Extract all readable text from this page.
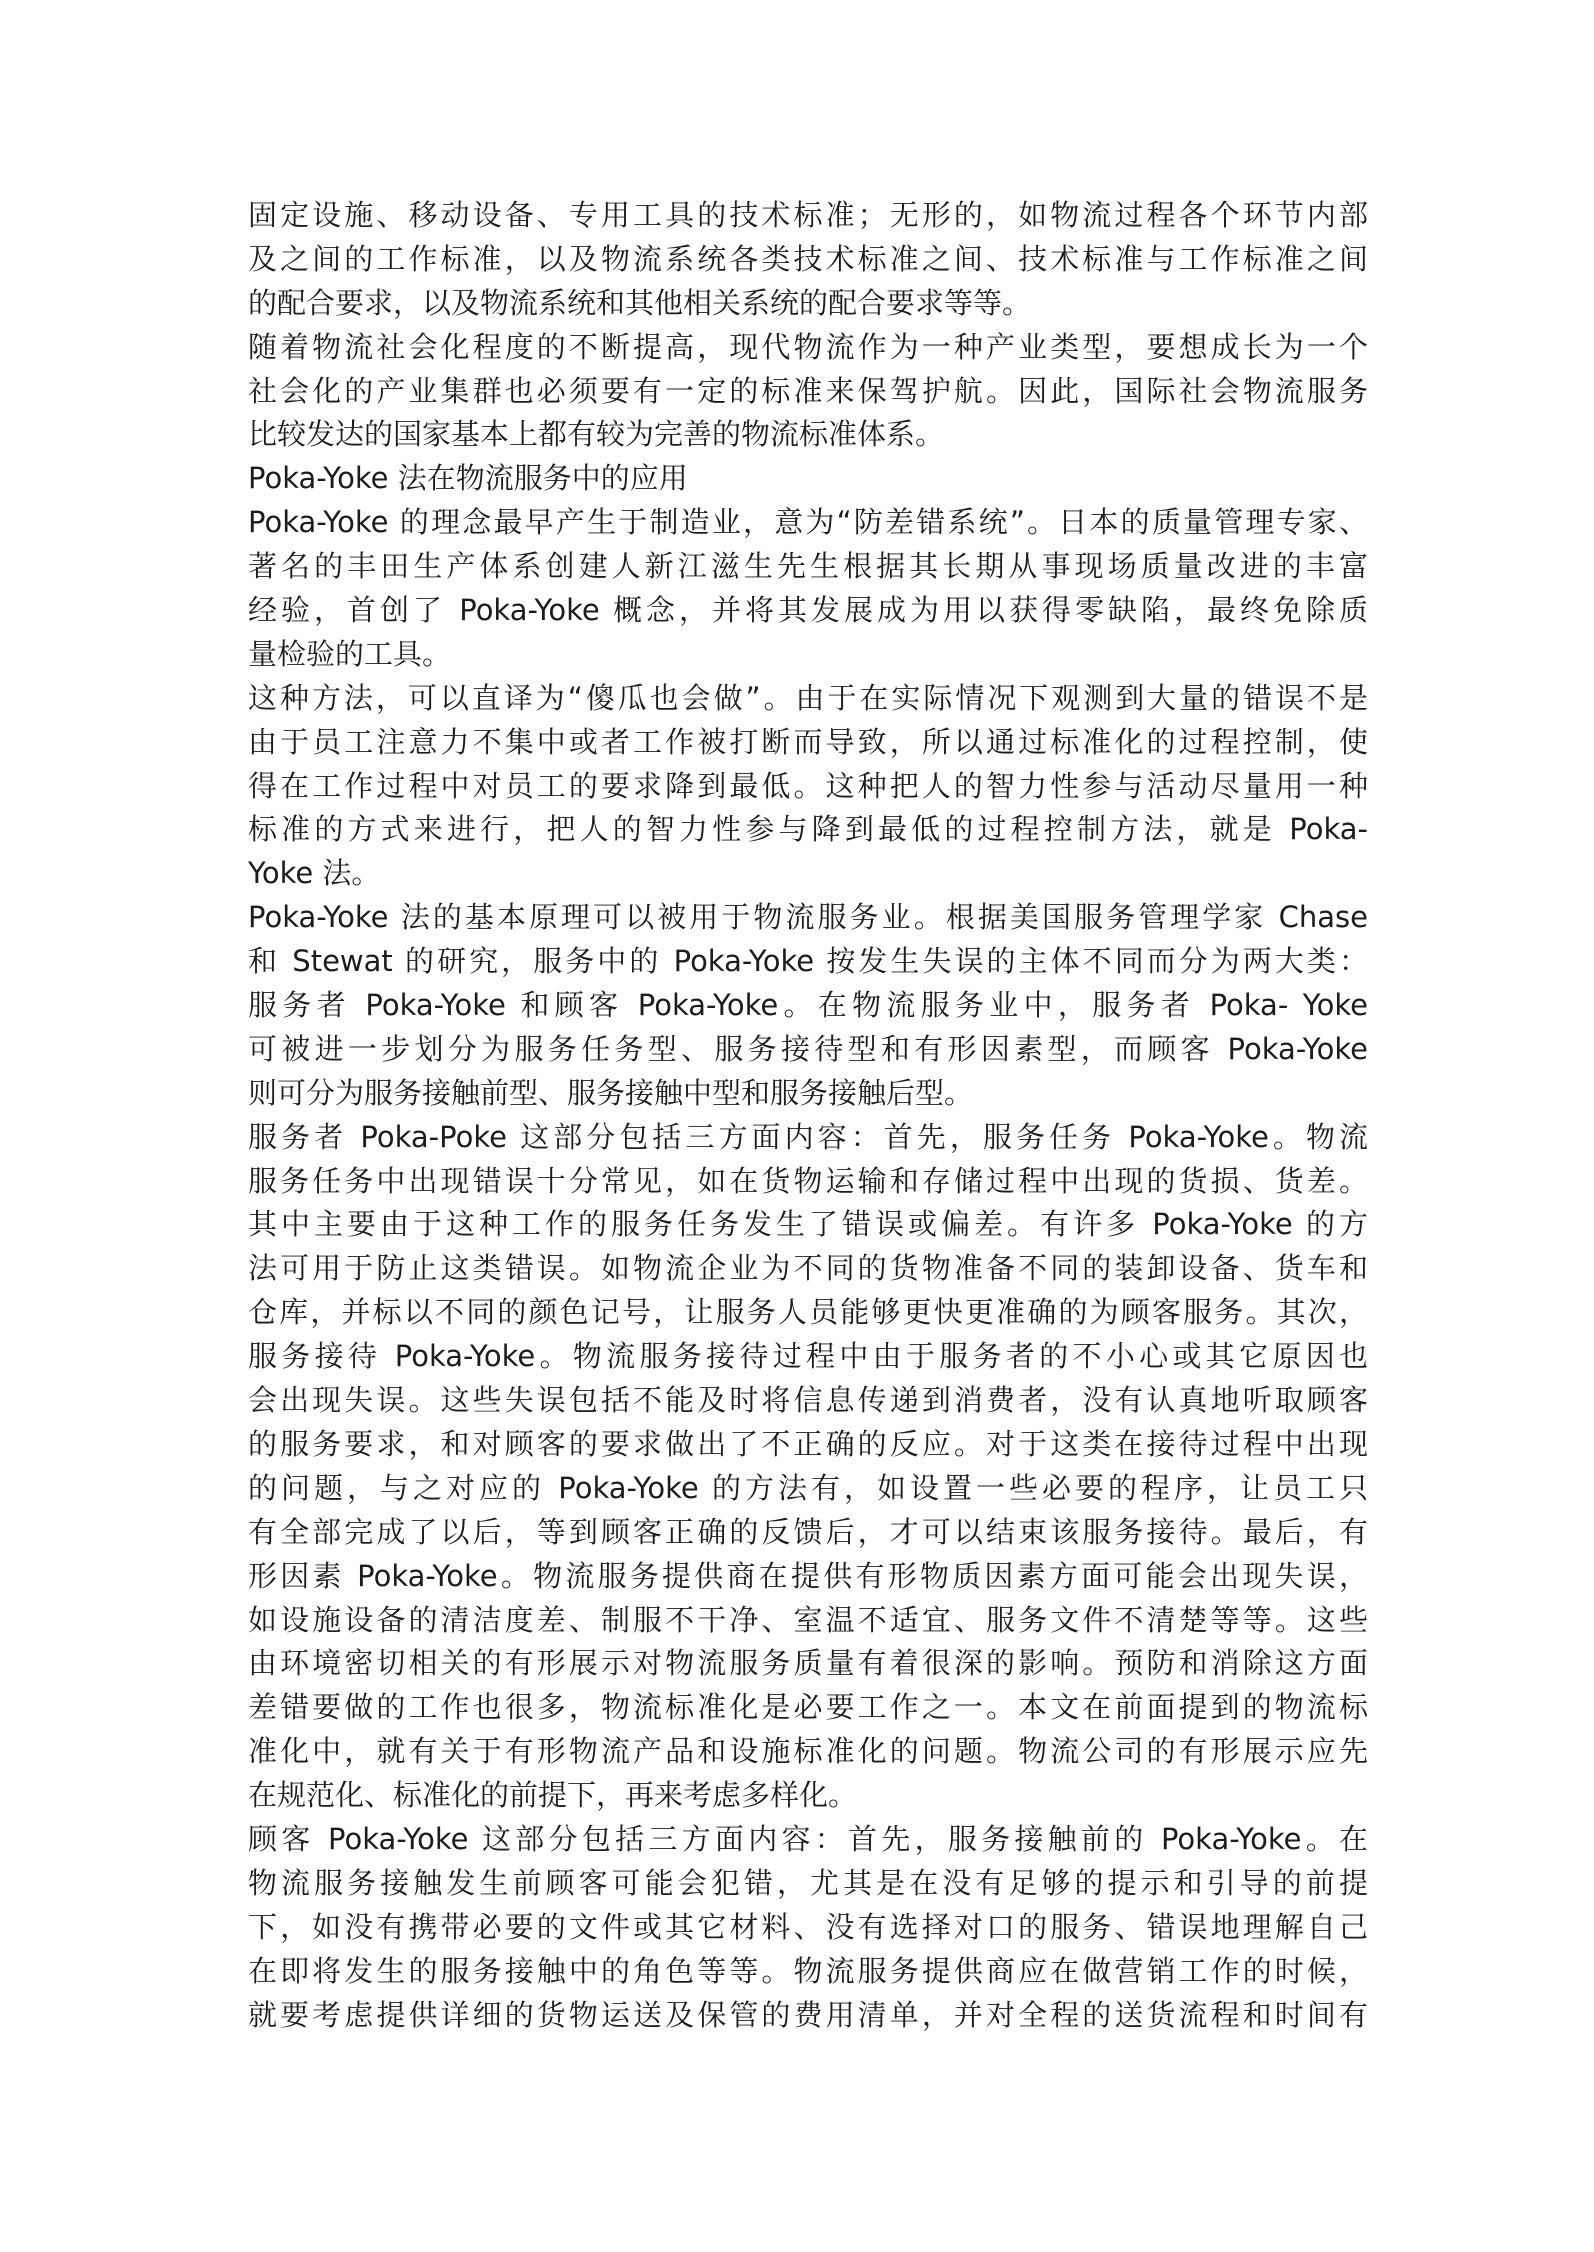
固定设施、移动设备、专用工具的技术标准；无形的，如物流过程各个环节内部
及之间的工作标准，以及物流系统各类技术标准之间、技术标准与工作标准之间
的配合要求，以及物流系统和其他相关系统的配合要求等等。
随着物流社会化程度的不断提高，现代物流作为一种产业类型，要想成长为一个
社会化的产业集群也必须要有一定的标准来保驾护航。因此，国际社会物流服务
比较发达的国家基本上都有较为完善的物流标准体系。
Poka-Yoke 法在物流服务中的应用
Poka-Yoke 的理念最早产生于制造业，意为“防差错系统”。日本的质量管理专家、
著名的丰田生产体系创建人新江滋生先生根据其长期从事现场质量改进的丰富
经验，首创了 Poka-Yoke 概念，并将其发展成为用以获得零缺陷，最终免除质
量检验的工具。
这种方法，可以直译为“傻瓜也会做”。由于在实际情况下观测到大量的错误不是
由于员工注意力不集中或者工作被打断而导致，所以通过标准化的过程控制，使
得在工作过程中对员工的要求降到最低。这种把人的智力性参与活动尽量用一种
标准的方式来进行，把人的智力性参与降到最低的过程控制方法，就是 Poka-
Yoke 法。
Poka-Yoke 法的基本原理可以被用于物流服务业。根据美国服务管理学家 Chase
和 Stewat 的研究，服务中的 Poka-Yoke 按发生失误的主体不同而分为两大类：
服务者 Poka-Yoke 和顾客 Poka-Yoke。在物流服务业中，服务者 Poka- Yoke
可被进一步划分为服务任务型、服务接待型和有形因素型，而顾客 Poka-Yoke
则可分为服务接触前型、服务接触中型和服务接触后型。
服务者 Poka-Poke 这部分包括三方面内容：首先，服务任务 Poka-Yoke。物流
服务任务中出现错误十分常见，如在货物运输和存储过程中出现的货损、货差。
其中主要由于这种工作的服务任务发生了错误或偏差。有许多 Poka-Yoke 的方
法可用于防止这类错误。如物流企业为不同的货物准备不同的装卸设备、货车和
仓库，并标以不同的颜色记号，让服务人员能够更快更准确的为顾客服务。其次，
服务接待 Poka-Yoke。物流服务接待过程中由于服务者的不小心或其它原因也
会出现失误。这些失误包括不能及时将信息传递到消费者，没有认真地听取顾客
的服务要求，和对顾客的要求做出了不正确的反应。对于这类在接待过程中出现
的问题，与之对应的 Poka-Yoke 的方法有，如设置一些必要的程序，让员工只
有全部完成了以后，等到顾客正确的反馈后，才可以结束该服务接待。最后，有
形因素 Poka-Yoke。物流服务提供商在提供有形物质因素方面可能会出现失误，
如设施设备的清洁度差、制服不干净、室温不适宜、服务文件不清楚等等。这些
由环境密切相关的有形展示对物流服务质量有着很深的影响。预防和消除这方面
差错要做的工作也很多，物流标准化是必要工作之一。本文在前面提到的物流标
准化中，就有关于有形物流产品和设施标准化的问题。物流公司的有形展示应先
在规范化、标准化的前提下，再来考虑多样化。
顾客 Poka-Yoke 这部分包括三方面内容：首先，服务接触前的 Poka-Yoke。在
物流服务接触发生前顾客可能会犯错，尤其是在没有足够的提示和引导的前提
下，如没有携带必要的文件或其它材料、没有选择对口的服务、错误地理解自己
在即将发生的服务接触中的角色等等。物流服务提供商应在做营销工作的时候，
就要考虑提供详细的货物运送及保管的费用清单，并对全程的送货流程和时间有
